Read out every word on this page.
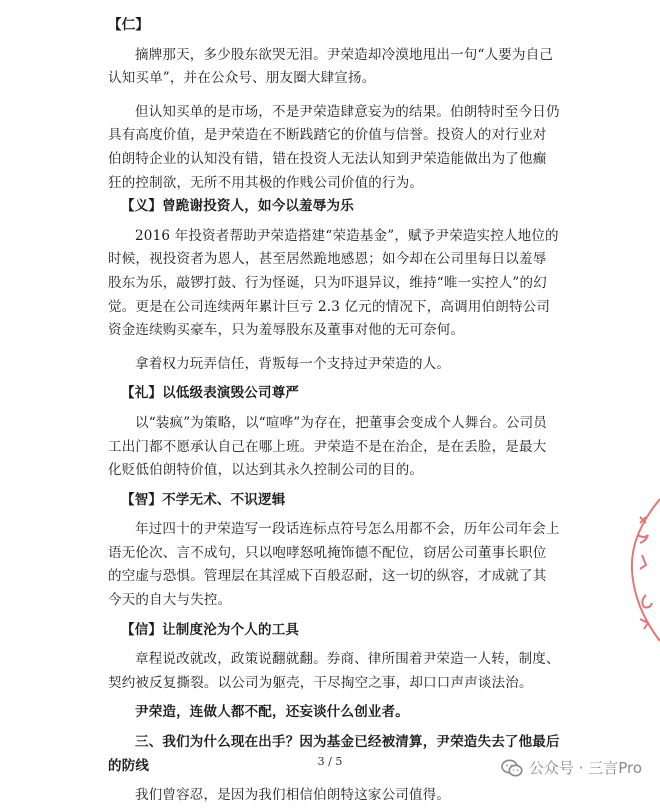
【仁】

摘牌那天，多少股东欲哭无泪。尹荣造却冷漠地甩出一句“人要为自己认知买单”，并在公众号、朋友圈大肆宣扬。

但认知买单的是市场，不是尹荣造肆意妄为的结果。伯朗特时至今日仍具有高度价值，是尹荣造在不断践踏它的价值与信誉。投资人的对行业对伯朗特企业的认知没有错，错在投资人无法认知到尹荣造能做出为了他癫狂的控制欲，无所不用其极的作贱公司价值的行为。

【义】曾跪谢投资人，如今以羞辱为乐

2016 年投资者帮助尹荣造搭建“荣造基金”，赋予尹荣造实控人地位的时候，视投资者为恩人，甚至居然跪地感恩；如今却在公司里每日以羞辱股东为乐，敲锣打鼓、行为怪诞，只为吓退异议，维持“唯一实控人”的幻觉。更是在公司连续两年累计巨亏 2.3 亿元的情况下，高调用伯朗特公司资金连续购买豪车，只为羞辱股东及董事对他的无可奈何。

拿着权力玩弄信任，背叛每一个支持过尹荣造的人。

【礼】以低级表演毁公司尊严

以“装疯”为策略，以“喧哗”为存在，把董事会变成个人舞台。公司员工出门都不愿承认自己在哪上班。尹荣造不是在治企，是在丢脸，是最大化贬低伯朗特价值，以达到其永久控制公司的目的。

【智】不学无术、不识逻辑

年过四十的尹荣造写一段话连标点符号怎么用都不会，历年公司年会上语无伦次、言不成句，只以咆哮怒吼掩饰德不配位，窃居公司董事长职位的空虚与恐惧。管理层在其淫威下百般忍耐，这一切的纵容，才成就了其今天的自大与失控。

【信】让制度沦为个人的工具

章程说改就改，政策说翻就翻。券商、律所围着尹荣造一人转，制度、契约被反复撕裂。以公司为躯壳，干尽掏空之事，却口口声声谈法治。

尹荣造，连做人都不配，还妄谈什么创业者。

三、我们为什么现在出手？因为基金已经被清算，尹荣造失去了他最后的防线

我们曾容忍，是因为我们相信伯朗特这家公司值得。

3 / 5	公众号 · 三言Pro
